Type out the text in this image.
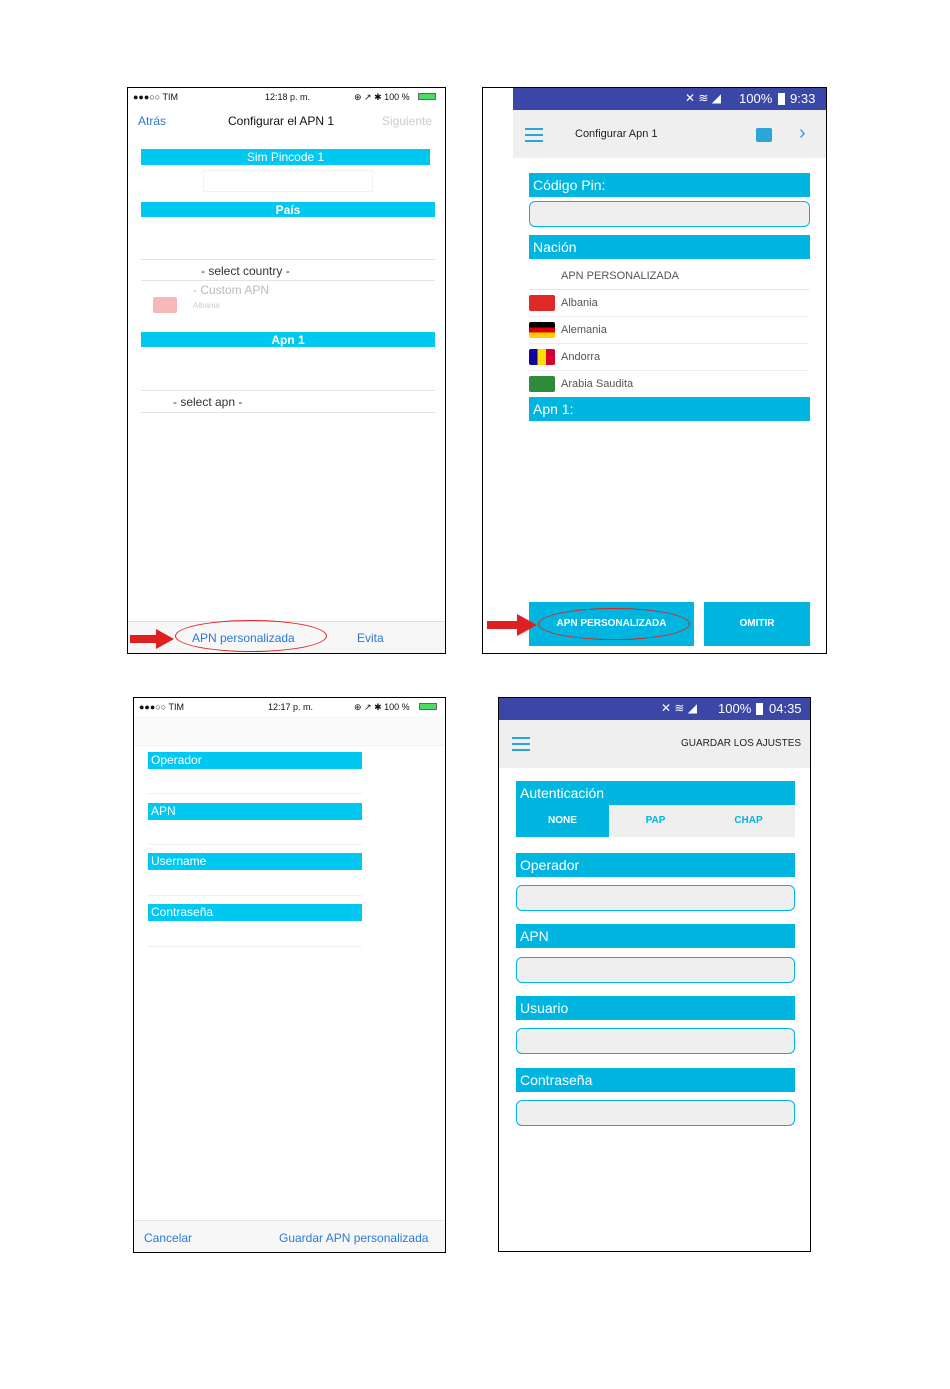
●●●○○ TIM	12:18 p. m.	⊕ ↗ ✱ 100 %
Atrás	Configurar el APN 1	Siguiente
Sim Pincode 1
País
- select country -
- Custom APN
Albania
Apn 1
- select apn -
APN personalizada	Evita
✕ ≋ ◢ 100% 9:33
Configurar Apn 1	›
Código Pin:
Nación
APN PERSONALIZADA
Albania
Alemania
Andorra
Arabia Saudita
Apn 1:
APN PERSONALIZADA	OMITIR
●●●○○ TIM	12:17 p. m.	⊕ ↗ ✱ 100 %
Operador
APN
Username
Contraseña
Cancelar	Guardar APN personalizada
✕ ≋ ◢ 100% 04:35
GUARDAR LOS AJUSTES
Autenticación
NONE	PAP	CHAP
Operador
APN
Usuario
Contraseña
